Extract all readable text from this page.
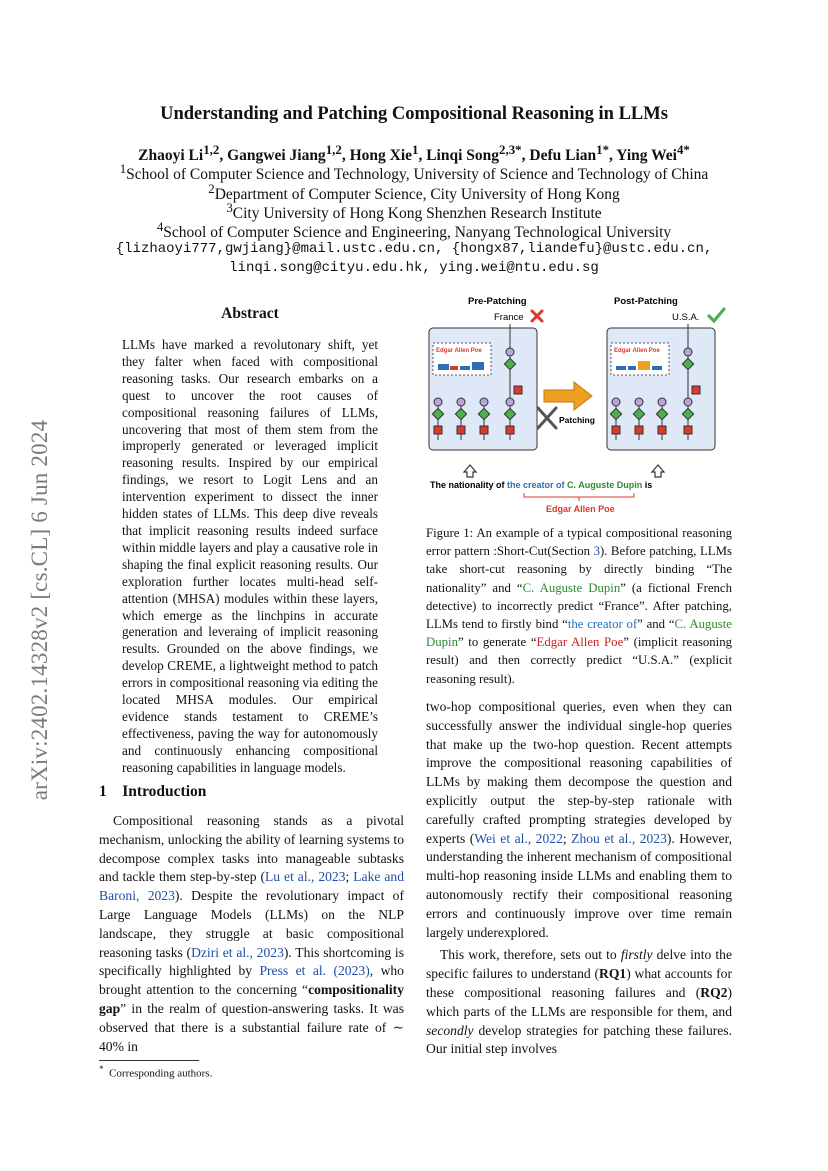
arXiv:2402.14328v2 [cs.CL] 6 Jun 2024
Understanding and Patching Compositional Reasoning in LLMs
Zhaoyi Li$^{1,2}$, Gangwei Jiang$^{1,2}$, Hong Xie$^1$, Linqi Song$^{2,3*}$, Defu Lian$^{1*}$, Ying Wei$^{4*}$
$^1$School of Computer Science and Technology, University of Science and Technology of China
$^2$Department of Computer Science, City University of Hong Kong
$^3$City University of Hong Kong Shenzhen Research Institute
$^4$School of Computer Science and Engineering, Nanyang Technological University
{lizhaoyi777,gwjiang}@mail.ustc.edu.cn, {hongx87,liandefu}@ustc.edu.cn,
linqi.song@cityu.edu.hk, ying.wei@ntu.edu.sg
Abstract
LLMs have marked a revolutonary shift, yet they falter when faced with compositional reasoning tasks. Our research embarks on a quest to uncover the root causes of compositional reasoning failures of LLMs, uncovering that most of them stem from the improperly generated or leveraged implicit reasoning results. Inspired by our empirical findings, we resort to Logit Lens and an intervention experiment to dissect the inner hidden states of LLMs. This deep dive reveals that implicit reasoning results indeed surface within middle layers and play a causative role in shaping the final explicit reasoning results. Our exploration further locates multi-head self-attention (MHSA) modules within these layers, which emerge as the linchpins in accurate generation and leveraing of implicit reasoning results. Grounded on the above findings, we develop CREME, a lightweight method to patch errors in compositional reasoning via editing the located MHSA modules. Our empirical evidence stands testament to CREME’s effectiveness, paving the way for autonomously and continuously enhancing compositional reasoning capabilities in language models.
Pre-Patching	Post-Patching
France	U.S.A.
Edgar Allen Poe
Patching
Edgar Allen Poe
The nationality of the creator of C. Auguste Dupin is
Edgar Allen Poe
Figure 1: An example of a typical compositional reasoning error pattern :Short-Cut(Section 3). Before patching, LLMs take short-cut reasoning by directly binding “The nationality” and “C. Auguste Dupin” (a fictional French detective) to incorrectly predict “France”. After patching, LLMs tend to firstly bind “the creator of” and “C. Auguste Dupin” to generate “Edgar Allen Poe” (implicit reasoning result) and then correctly predict “U.S.A.” (explicit reasoning result).
1 Introduction

Compositional reasoning stands as a pivotal mechanism, unlocking the ability of learning systems to decompose complex tasks into manageable subtasks and tackle them step-by-step (Lu et al., 2023; Lake and Baroni, 2023). Despite the revolutionary impact of Large Language Models (LLMs) on the NLP landscape, they struggle at basic compositional reasoning tasks (Dziri et al., 2023). This shortcoming is specifically highlighted by Press et al. (2023), who brought attention to the concerning “compositionality gap” in the realm of question-answering tasks. It was observed that there is a substantial failure rate of ∼ 40% in

two-hop compositional queries, even when they can successfully answer the individual single-hop queries that make up the two-hop question. Recent attempts improve the compositional reasoning capabilities of LLMs by making them decompose the question and explicitly output the step-by-step rationale with carefully crafted prompting strategies developed by experts (Wei et al., 2022; Zhou et al., 2023). However, understanding the inherent mechanism of compositional multi-hop reasoning inside LLMs and enabling them to autonomously rectify their compositional reasoning errors and continuously improve over time remain largely underexplored.

This work, therefore, sets out to firstly delve into the specific failures to understand (RQ1) what accounts for these compositional reasoning failures and (RQ2) which parts of the LLMs are responsible for them, and secondly develop strategies for patching these failures. Our initial step involves

* Corresponding authors.
